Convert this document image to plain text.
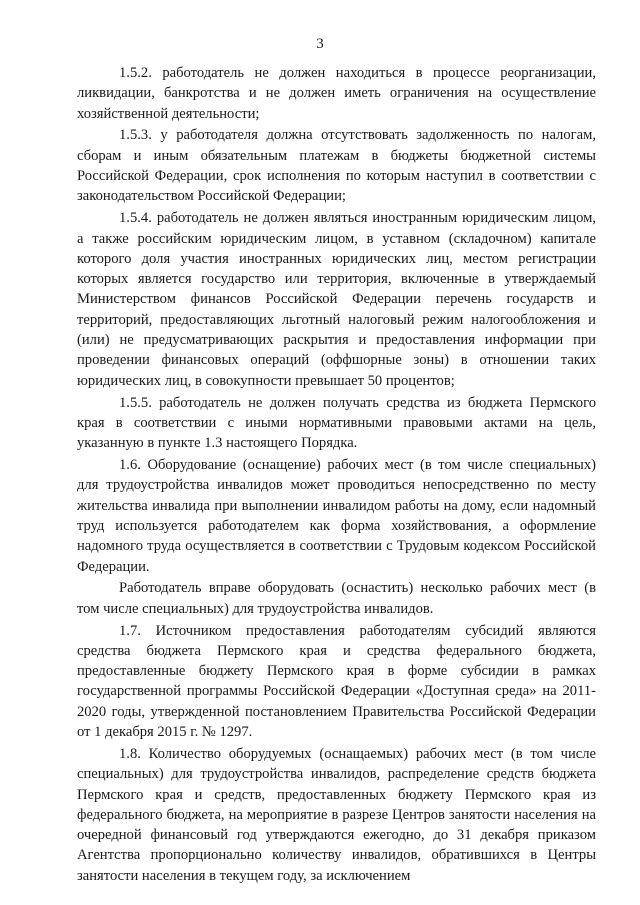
3

1.5.2. работодатель не должен находиться в процессе реорганизации, ликвидации, банкротства и не должен иметь ограничения на осуществление хозяйственной деятельности;

1.5.3. у работодателя должна отсутствовать задолженность по налогам, сборам и иным обязательным платежам в бюджеты бюджетной системы Российской Федерации, срок исполнения по которым наступил в соответствии с законодательством Российской Федерации;

1.5.4. работодатель не должен являться иностранным юридическим лицом, а также российским юридическим лицом, в уставном (складочном) капитале которого доля участия иностранных юридических лиц, местом регистрации которых является государство или территория, включенные в утверждаемый Министерством финансов Российской Федерации перечень государств и территорий, предоставляющих льготный налоговый режим налогообложения и (или) не предусматривающих раскрытия и предоставления информации при проведении финансовых операций (оффшорные зоны) в отношении таких юридических лиц, в совокупности превышает 50 процентов;

1.5.5. работодатель не должен получать средства из бюджета Пермского края в соответствии с иными нормативными правовыми актами на цель, указанную в пункте 1.3 настоящего Порядка.

1.6. Оборудование (оснащение) рабочих мест (в том числе специальных) для трудоустройства инвалидов может проводиться непосредственно по месту жительства инвалида при выполнении инвалидом работы на дому, если надомный труд используется работодателем как форма хозяйствования, а оформление надомного труда осуществляется в соответствии с Трудовым кодексом Российской Федерации.

Работодатель вправе оборудовать (оснастить) несколько рабочих мест (в том числе специальных) для трудоустройства инвалидов.

1.7. Источником предоставления работодателям субсидий являются средства бюджета Пермского края и средства федерального бюджета, предоставленные бюджету Пермского края в форме субсидии в рамках государственной программы Российской Федерации «Доступная среда» на 2011-2020 годы, утвержденной постановлением Правительства Российской Федерации от 1 декабря 2015 г. № 1297.

1.8. Количество оборудуемых (оснащаемых) рабочих мест (в том числе специальных) для трудоустройства инвалидов, распределение средств бюджета Пермского края и средств, предоставленных бюджету Пермского края из федерального бюджета, на мероприятие в разрезе Центров занятости населения на очередной финансовый год утверждаются ежегодно, до 31 декабря приказом Агентства пропорционально количеству инвалидов, обратившихся в Центры занятости населения в текущем году, за исключением
